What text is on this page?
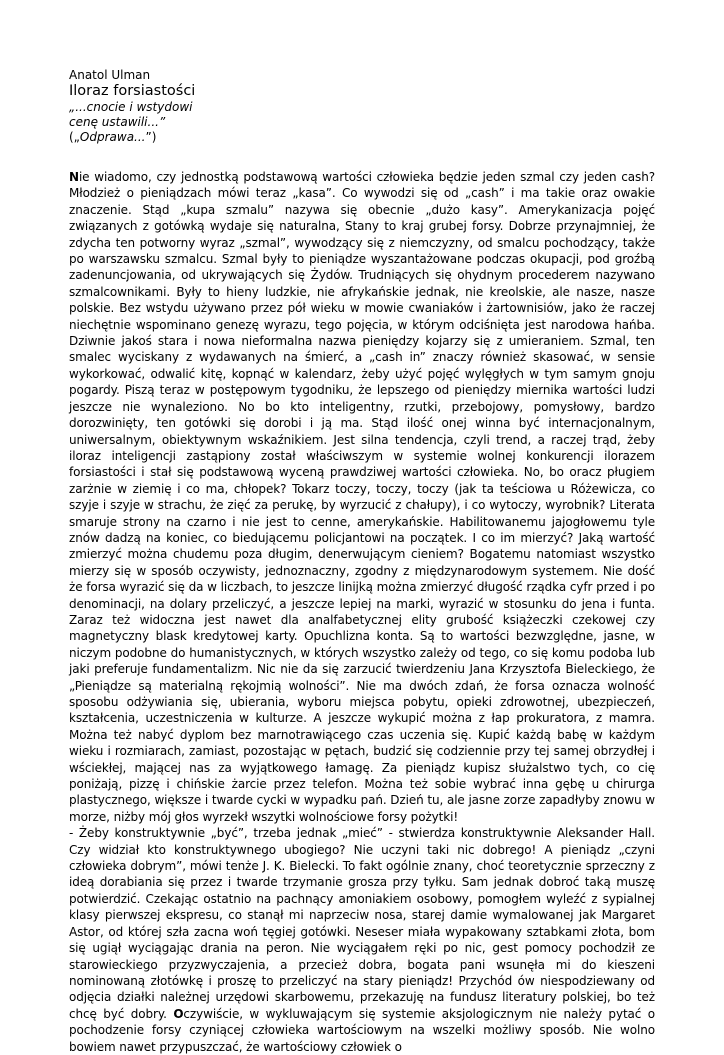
Anatol Ulman

Iloraz forsiastości

„...cnocie i wstydowi
cenę ustawili...”

(„Odprawa...”)

Nie wiadomo, czy jednostką podstawową wartości człowieka będzie jeden szmal czy jeden cash? Młodzież o pieniądzach mówi teraz „kasa”. Co wywodzi się od „cash” i ma takie oraz owakie znaczenie. Stąd „kupa szmalu” nazywa się obecnie „dużo kasy”. Amerykanizacja pojęć związanych z gotówką wydaje się naturalna, Stany to kraj grubej forsy. Dobrze przynajmniej, że zdycha ten potworny wyraz „szmal”, wywodzący się z niemczyzny, od smalcu pochodzący, także po warszawsku szmalcu. Szmal były to pieniądze wyszantażowane podczas okupacji, pod groźbą zadenuncjowania, od ukrywających się Żydów. Trudniących się ohydnym procederem nazywano szmalcownikami. Były to hieny ludzkie, nie afrykańskie jednak, nie kreolskie, ale nasze, nasze polskie. Bez wstydu używano przez pół wieku w mowie cwaniaków i żartownisiów, jako że raczej niechętnie wspominano genezę wyrazu, tego pojęcia, w którym odciśnięta jest narodowa hańba. Dziwnie jakoś stara i nowa nieformalna nazwa pieniędzy kojarzy się z umieraniem. Szmal, ten smalec wyciskany z wydawanych na śmierć, a „cash in” znaczy również skasować, w sensie wykorkować, odwalić kitę, kopnąć w kalendarz, żeby użyć pojęć wylęgłych w tym samym gnoju pogardy. Piszą teraz w postępowym tygodniku, że lepszego od pieniędzy miernika wartości ludzi jeszcze nie wynaleziono. No bo kto inteligentny, rzutki, przebojowy, pomysłowy, bardzo dorozwinięty, ten gotówki się dorobi i ją ma. Stąd ilość onej winna być internacjonalnym, uniwersalnym, obiektywnym wskaźnikiem. Jest silna tendencja, czyli trend, a raczej trąd, żeby iloraz inteligencji zastąpiony został właściwszym w systemie wolnej konkurencji ilorazem forsiastości i stał się podstawową wyceną prawdziwej wartości człowieka. No, bo oracz pługiem zarżnie w ziemię i co ma, chłopek? Tokarz toczy, toczy, toczy (jak ta teściowa u Różewicza, co szyje i szyje w strachu, że zięć za perukę, by wyrzucić z chałupy), i co wytoczy, wyrobnik? Literata smaruje strony na czarno i nie jest to cenne, amerykańskie. Habilitowanemu jajogłowemu tyle znów dadzą na koniec, co biedującemu policjantowi na początek. I co im mierzyć? Jaką wartość zmierzyć można chudemu poza długim, denerwującym cieniem? Bogatemu natomiast wszystko mierzy się w sposób oczywisty, jednoznaczny, zgodny z międzynarodowym systemem. Nie dość że forsa wyrazić się da w liczbach, to jeszcze linijką można zmierzyć długość rządka cyfr przed i po denominacji, na dolary przeliczyć, a jeszcze lepiej na marki, wyrazić w stosunku do jena i funta. Zaraz też widoczna jest nawet dla analfabetycznej elity grubość książeczki czekowej czy magnetyczny blask kredytowej karty. Opuchlizna konta. Są to wartości bezwzględne, jasne, w niczym podobne do humanistycznych, w których wszystko zależy od tego, co się komu podoba lub jaki preferuje fundamentalizm. Nic nie da się zarzucić twierdzeniu Jana Krzysztofa Bieleckiego, że „Pieniądze są materialną rękojmią wolności”. Nie ma dwóch zdań, że forsa oznacza wolność sposobu odżywiania się, ubierania, wyboru miejsca pobytu, opieki zdrowotnej, ubezpieczeń, kształcenia, uczestniczenia w kulturze. A jeszcze wykupić można z łap prokuratora, z mamra. Można też nabyć dyplom bez marnotrawiącego czas uczenia się. Kupić każdą babę w każdym wieku i rozmiarach, zamiast, pozostając w pętach, budzić się codziennie przy tej samej obrzydłej i wściekłej, mającej nas za wyjątkowego łamagę. Za pieniądz kupisz służalstwo tych, co cię poniżają, pizzę i chińskie żarcie przez telefon. Można też sobie wybrać inna gębę u chirurga plastycznego, większe i twarde cycki w wypadku pań. Dzień tu, ale jasne zorze zapadłyby znowu w morze, niżby mój głos wyrzekł wszytki wolnościowe forsy pożytki!
- Żeby konstruktywnie „być”, trzeba jednak „mieć” - stwierdza konstruktywnie Aleksander Hall. Czy widział kto konstruktywnego ubogiego? Nie uczyni taki nic dobrego! A pieniądz „czyni człowieka dobrym”, mówi tenże J. K. Bielecki. To fakt ogólnie znany, choć teoretycznie sprzeczny z ideą dorabiania się przez i twarde trzymanie grosza przy tyłku. Sam jednak dobroć taką muszę potwierdzić. Czekając ostatnio na pachnący amoniakiem osobowy, pomogłem wyleźć z sypialnej klasy pierwszej ekspresu, co stanął mi naprzeciw nosa, starej damie wymalowanej jak Margaret Astor, od której szła zacna woń tęgiej gotówki. Neseser miała wypakowany sztabkami złota, bom się ugiął wyciągając drania na peron. Nie wyciągałem ręki po nic, gest pomocy pochodził ze starowieckiego przyzwyczajenia, a przecież dobra, bogata pani wsunęła mi do kieszeni nominowaną złotówkę i proszę to przeliczyć na stary pieniądz! Przychód ów niespodziewany od odjęcia działki należnej urzędowi skarbowemu, przekazuję na fundusz literatury polskiej, bo też chcę być dobry. Oczywiście, w wykluwającym się systemie aksjologicznym nie należy pytać o pochodzenie forsy czyniącej człowieka wartościowym na wszelki możliwy sposób. Nie wolno bowiem nawet przypuszczać, że wartościowy człowiek o
